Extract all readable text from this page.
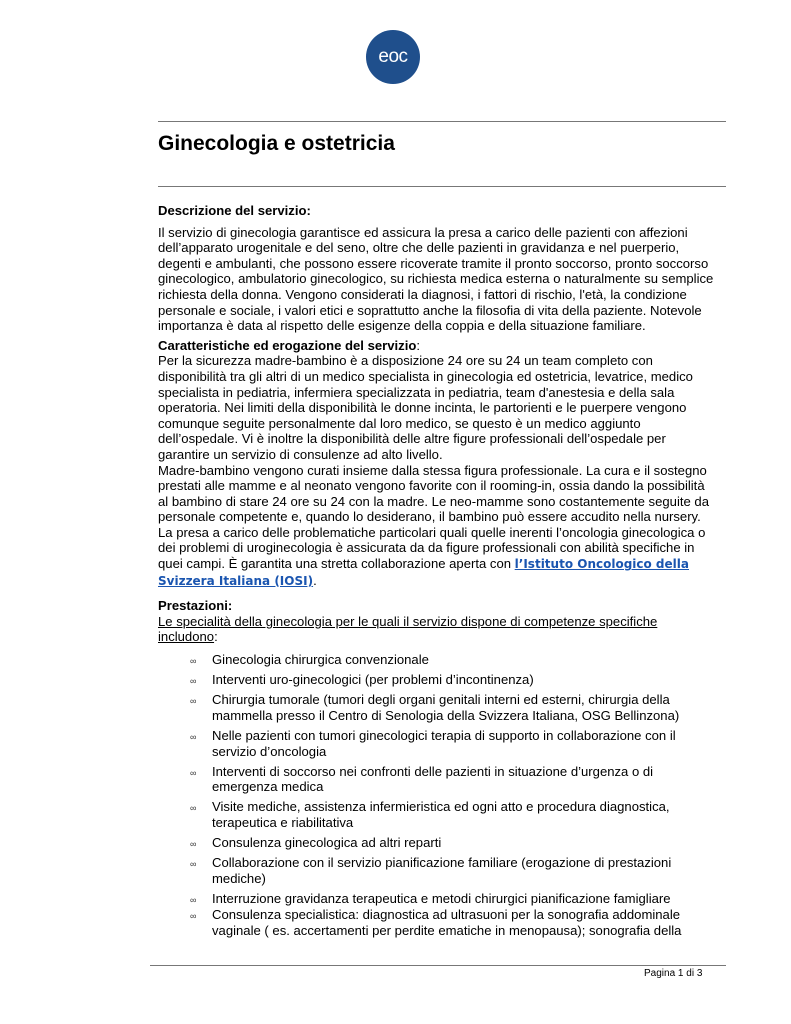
eoc
Ginecologia e ostetricia

Descrizione del servizio:

Il servizio di ginecologia garantisce ed assicura la presa a carico delle pazienti con affezioni dell’apparato urogenitale e del seno, oltre che delle pazienti in gravidanza e nel puerperio, degenti e ambulanti, che possono essere ricoverate tramite il pronto soccorso, pronto soccorso ginecologico, ambulatorio ginecologico, su richiesta medica esterna o naturalmente su semplice richiesta della donna. Vengono considerati la diagnosi, i fattori di rischio, l'età, la condizione personale e sociale, i valori etici e soprattutto anche la filosofia di vita della paziente. Notevole importanza è data al rispetto delle esigenze della coppia e della situazione familiare.

Caratteristiche ed erogazione del servizio:

Per la sicurezza madre-bambino è a disposizione 24 ore su 24 un team completo con disponibilità tra gli altri di un medico specialista in ginecologia ed ostetricia, levatrice, medico specialista in pediatria, infermiera specializzata in pediatria, team d'anestesia e della sala operatoria. Nei limiti della disponibilità le donne incinta, le partorienti e le puerpere vengono comunque seguite personalmente dal loro medico, se questo è un medico aggiunto dell’ospedale. Vi è inoltre la disponibilità delle altre figure professionali dell’ospedale per garantire un servizio di consulenze ad alto livello.

Madre-bambino vengono curati insieme dalla stessa figura professionale. La cura e il sostegno prestati alle mamme e al neonato vengono favorite con il rooming-in, ossia dando la possibilità al bambino di stare 24 ore su 24 con la madre. Le neo-mamme sono costantemente seguite da personale competente e, quando lo desiderano, il bambino può essere accudito nella nursery.

La presa a carico delle problematiche particolari quali quelle inerenti l’oncologia ginecologica o dei problemi di uroginecologia è assicurata da da figure professionali con abilità specifiche in quei campi. È garantita una stretta collaborazione aperta con l’Istituto Oncologico della Svizzera Italiana (IOSI).

Prestazioni:

Le specialità della ginecologia per le quali il servizio dispone di competenze specifiche includono:

∞ Ginecologia chirurgica convenzionale
∞ Interventi uro-ginecologici (per problemi d’incontinenza)
∞ Chirurgia tumorale (tumori degli organi genitali interni ed esterni, chirurgia della mammella presso il Centro di Senologia della Svizzera Italiana, OSG Bellinzona)
∞ Nelle pazienti con tumori ginecologici terapia di supporto in collaborazione con il servizio d’oncologia
∞ Interventi di soccorso nei confronti delle pazienti in situazione d’urgenza o di emergenza medica
∞ Visite mediche, assistenza infermieristica ed ogni atto e procedura diagnostica, terapeutica e riabilitativa
∞ Consulenza ginecologica ad altri reparti
∞ Collaborazione con il servizio pianificazione familiare (erogazione di prestazioni mediche)
∞ Interruzione gravidanza terapeutica e metodi chirurgici pianificazione famigliare
∞ Consulenza specialistica: diagnostica ad ultrasuoni per la sonografia addominale vaginale ( es. accertamenti per perdite ematiche in menopausa); sonografia della
Pagina 1 di 3
